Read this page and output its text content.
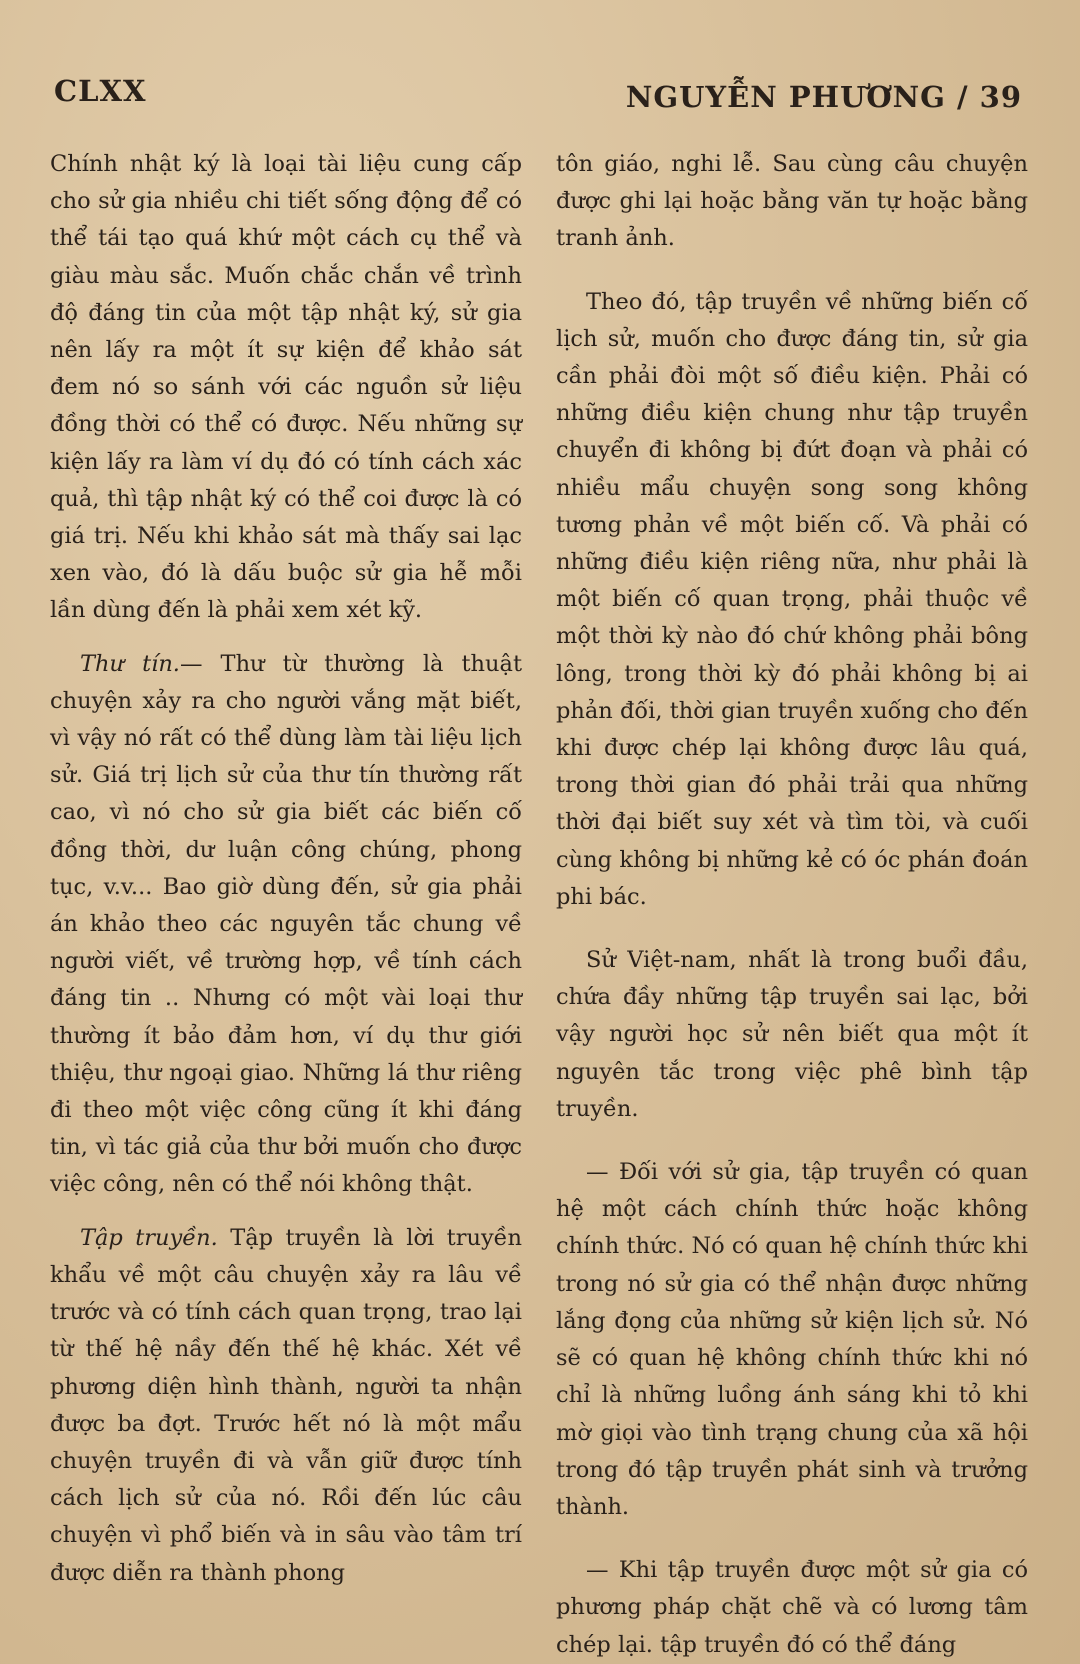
CLXX	NGUYỄN PHƯƠNG / 39

Chính nhật ký là loại tài liệu cung cấp cho sử gia nhiều chi tiết sống động để có thể tái tạo quá khứ một cách cụ thể và giàu màu sắc. Muốn chắc chắn về trình độ đáng tin của một tập nhật ký, sử gia nên lấy ra một ít sự kiện để khảo sát đem nó so sánh với các nguồn sử liệu đồng thời có thể có được. Nếu những sự kiện lấy ra làm ví dụ đó có tính cách xác quả, thì tập nhật ký có thể coi được là có giá trị. Nếu khi khảo sát mà thấy sai lạc xen vào, đó là dấu buộc sử gia hễ mỗi lần dùng đến là phải xem xét kỹ.

Thư tín.— Thư từ thường là thuật chuyện xảy ra cho người vắng mặt biết, vì vậy nó rất có thể dùng làm tài liệu lịch sử. Giá trị lịch sử của thư tín thường rất cao, vì nó cho sử gia biết các biến cố đồng thời, dư luận công chúng, phong tục, v.v... Bao giờ dùng đến, sử gia phải án khảo theo các nguyên tắc chung về người viết, về trường hợp, về tính cách đáng tin .. Nhưng có một vài loại thư thường ít bảo đảm hơn, ví dụ thư giới thiệu, thư ngoại giao. Những lá thư riêng đi theo một việc công cũng ít khi đáng tin, vì tác giả của thư bởi muốn cho được việc công, nên có thể nói không thật.

Tập truyền. Tập truyền là lời truyền khẩu về một câu chuyện xảy ra lâu về trước và có tính cách quan trọng, trao lại từ thế hệ nầy đến thế hệ khác. Xét về phương diện hình thành, người ta nhận được ba đợt. Trước hết nó là một mẩu chuyện truyền đi và vẫn giữ được tính cách lịch sử của nó. Rồi đến lúc câu chuyện vì phổ biến và in sâu vào tâm trí được diễn ra thành phong

tôn giáo, nghi lễ. Sau cùng câu chuyện được ghi lại hoặc bằng văn tự hoặc bằng tranh ảnh.

Theo đó, tập truyền về những biến cố lịch sử, muốn cho được đáng tin, sử gia cần phải đòi một số điều kiện. Phải có những điều kiện chung như tập truyền chuyển đi không bị đứt đoạn và phải có nhiều mẩu chuyện song song không tương phản về một biến cố. Và phải có những điều kiện riêng nữa, như phải là một biến cố quan trọng, phải thuộc về một thời kỳ nào đó chứ không phải bông lông, trong thời kỳ đó phải không bị ai phản đối, thời gian truyền xuống cho đến khi được chép lại không được lâu quá, trong thời gian đó phải trải qua những thời đại biết suy xét và tìm tòi, và cuối cùng không bị những kẻ có óc phán đoán phi bác.

Sử Việt-nam, nhất là trong buổi đầu, chứa đầy những tập truyền sai lạc, bởi vậy người học sử nên biết qua một ít nguyên tắc trong việc phê bình tập truyền.

— Đối với sử gia, tập truyền có quan hệ một cách chính thức hoặc không chính thức. Nó có quan hệ chính thức khi trong nó sử gia có thể nhận được những lắng đọng của những sử kiện lịch sử. Nó sẽ có quan hệ không chính thức khi nó chỉ là những luồng ánh sáng khi tỏ khi mờ giọi vào tình trạng chung của xã hội trong đó tập truyền phát sinh và trưởng thành.

— Khi tập truyền được một sử gia có phương pháp chặt chẽ và có lương tâm chép lại. tập truyền đó có thể đáng
